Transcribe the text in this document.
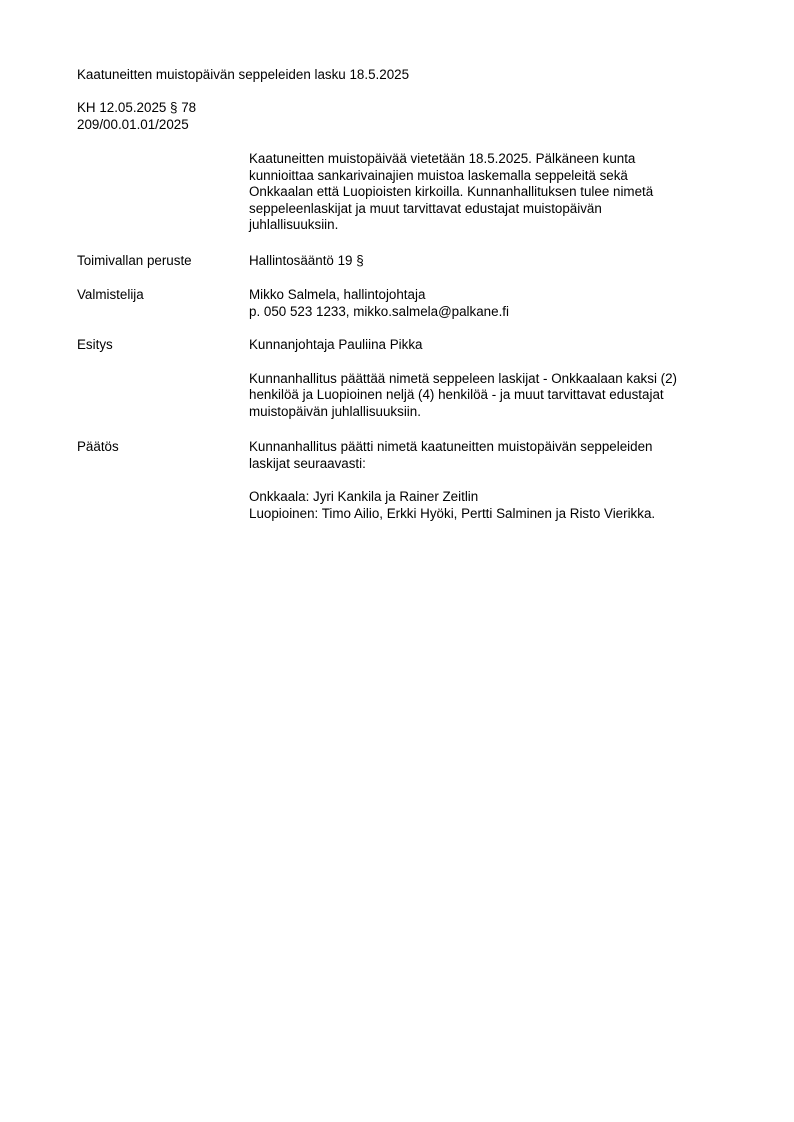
Kaatuneitten muistopäivän seppeleiden lasku 18.5.2025
KH 12.05.2025 § 78
209/00.01.01/2025

Kaatuneitten muistopäivää vietetään 18.5.2025. Pälkäneen kunta

kunnioittaa sankarivainajien muistoa laskemalla seppeleitä sekä

Onkkaalan että Luopioisten kirkoilla. Kunnanhallituksen tulee nimetä

seppeleenlaskijat ja muut tarvittavat edustajat muistopäivän

juhlallisuuksiin.

Toimivallan peruste	Hallintosääntö 19 §
Valmistelija	Mikko Salmela, hallintojohtaja

p. 050 523 1233, mikko.salmela@palkane.fi

Esitys	Kunnanjohtaja Pauliina Pikka

Kunnanhallitus päättää nimetä seppeleen laskijat - Onkkaalaan kaksi (2)

henkilöä ja Luopioinen neljä (4) henkilöä - ja muut tarvittavat edustajat

muistopäivän juhlallisuuksiin.

Päätös	Kunnanhallitus päätti nimetä kaatuneitten muistopäivän seppeleiden

laskijat seuraavasti:

Onkkaala: Jyri Kankila ja Rainer Zeitlin

Luopioinen: Timo Ailio, Erkki Hyöki, Pertti Salminen ja Risto Vierikka.
